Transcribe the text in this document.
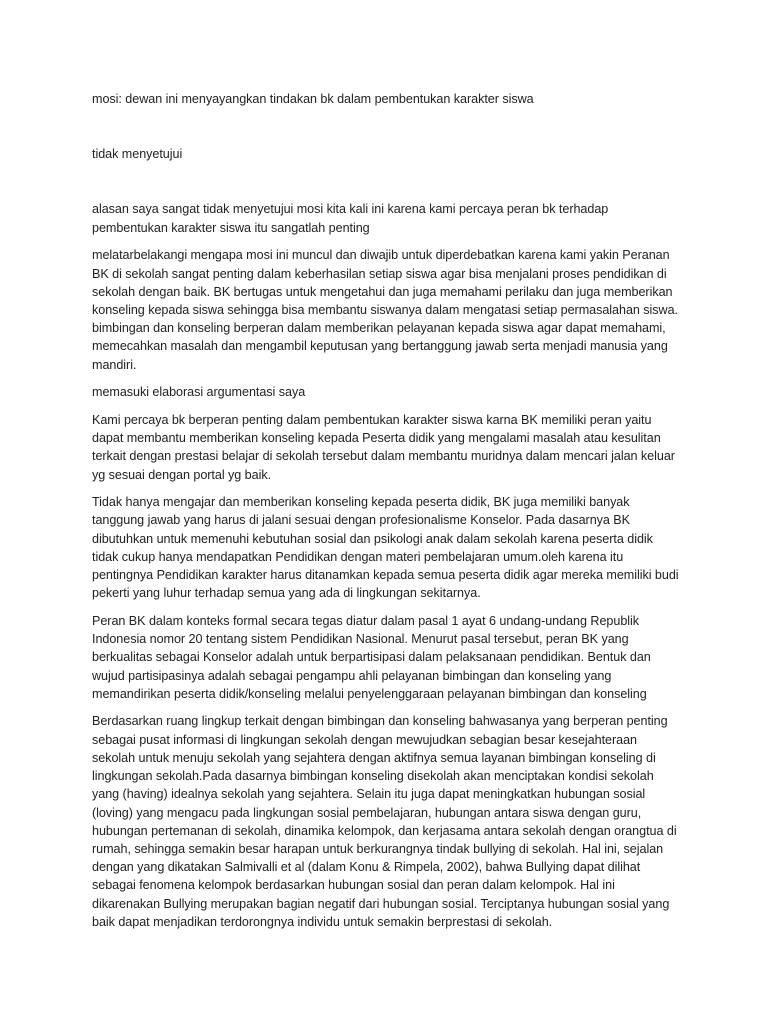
mosi: dewan ini menyayangkan tindakan bk dalam pembentukan karakter siswa

tidak menyetujui

alasan saya sangat tidak menyetujui mosi kita kali ini karena kami percaya peran bk terhadap pembentukan karakter siswa itu sangatlah penting

melatarbelakangi mengapa mosi ini muncul dan diwajib untuk diperdebatkan karena kami yakin Peranan BK di sekolah sangat penting dalam keberhasilan setiap siswa agar bisa menjalani proses pendidikan di sekolah dengan baik. BK bertugas untuk mengetahui dan juga memahami perilaku dan juga memberikan konseling kepada siswa sehingga bisa membantu siswanya dalam mengatasi setiap permasalahan siswa. bimbingan dan konseling berperan dalam memberikan pelayanan kepada siswa agar dapat memahami, memecahkan masalah dan mengambil keputusan yang bertanggung jawab serta menjadi manusia yang mandiri.

memasuki elaborasi argumentasi saya

Kami percaya bk berperan penting dalam pembentukan karakter siswa karna BK memiliki peran yaitu dapat membantu memberikan konseling kepada Peserta didik yang mengalami masalah atau kesulitan terkait dengan prestasi belajar di sekolah tersebut dalam membantu muridnya dalam mencari jalan keluar yg sesuai dengan portal yg baik.

Tidak hanya mengajar dan memberikan konseling kepada peserta didik, BK juga memiliki banyak tanggung jawab yang harus di jalani sesuai dengan profesionalisme Konselor. Pada dasarnya BK dibutuhkan untuk memenuhi kebutuhan sosial dan psikologi anak dalam sekolah karena peserta didik tidak cukup hanya mendapatkan Pendidikan dengan materi pembelajaran umum.oleh karena itu pentingnya Pendidikan karakter harus ditanamkan kepada semua peserta didik agar mereka memiliki budi pekerti yang luhur terhadap semua yang ada di lingkungan sekitarnya.

Peran BK dalam konteks formal secara tegas diatur dalam pasal 1 ayat 6 undang-undang Republik Indonesia nomor 20 tentang sistem Pendidikan Nasional. Menurut pasal tersebut, peran BK yang berkualitas sebagai Konselor adalah untuk berpartisipasi dalam pelaksanaan pendidikan. Bentuk dan wujud partisipasinya adalah sebagai pengampu ahli pelayanan bimbingan dan konseling yang memandirikan peserta didik/konseling melalui penyelenggaraan pelayanan bimbingan dan konseling

Berdasarkan ruang lingkup terkait dengan bimbingan dan konseling bahwasanya yang berperan penting sebagai pusat informasi di lingkungan sekolah dengan mewujudkan sebagian besar kesejahteraan sekolah untuk menuju sekolah yang sejahtera dengan aktifnya semua layanan bimbingan konseling di lingkungan sekolah.Pada dasarnya bimbingan konseling disekolah akan menciptakan kondisi sekolah yang (having) idealnya sekolah yang sejahtera. Selain itu juga dapat meningkatkan hubungan sosial (loving) yang mengacu pada lingkungan sosial pembelajaran, hubungan antara siswa dengan guru, hubungan pertemanan di sekolah, dinamika kelompok, dan kerjasama antara sekolah dengan orangtua di rumah, sehingga semakin besar harapan untuk berkurangnya tindak bullying di sekolah. Hal ini, sejalan dengan yang dikatakan Salmivalli et al (dalam Konu & Rimpela, 2002), bahwa Bullying dapat dilihat sebagai fenomena kelompok berdasarkan hubungan sosial dan peran dalam kelompok. Hal ini dikarenakan Bullying merupakan bagian negatif dari hubungan sosial. Terciptanya hubungan sosial yang baik dapat menjadikan terdorongnya individu untuk semakin berprestasi di sekolah.
